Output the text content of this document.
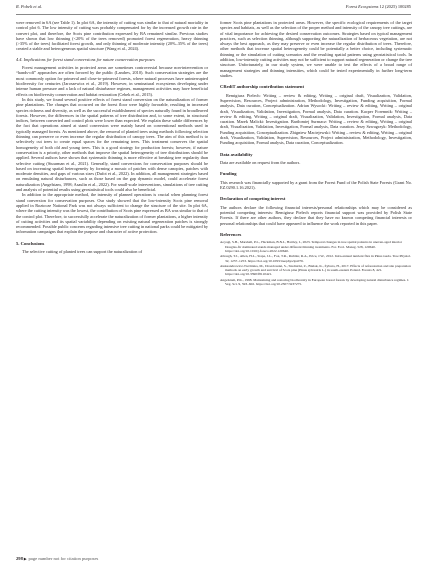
R. Pobelt et al.	Forest Ecosystems 12 (2025) 100285

were removed in 6A (see Table 1). In plot 6A, the intensity of cutting was similar to that of natural mortality in control plot 6. The low intensity of cutting was probably compensated for by the increased growth rate in the convert plot, and therefore, the Scots pine contribution expressed by BA remained similar. Previous studies have shown that low thinning (<20% of the trees removed) promoted forest regeneration, heavy thinning (>35% of the trees) facilitated forest growth, and only thinning of moderate intensity (20%–35% of the trees) created a stable and heterogeneous spatial structure (Wang et al., 2024).

4.4. Implications for forest stand conversions for nature conservation purposes

Forest management activities in protected areas are sometimes controversial because non-intervention or “hands-off” approaches are often favored by the public (Landres, 2010). Such conservation strategies are the most commonly option for primeval and close-to-primeval forests, where natural processes have uninterrupted biodiversity for centuries (Jaroszewicz et al., 2019). However, in seminatural ecosystems developing under intense human pressure and a lack of natural disturbance regimes, management activities may have beneficial effects on biodiversity conservation and habitat restoration (Cebek et al., 2015).

In this study, we found several positive effects of forest stand conversion on the naturalization of former pine plantations. The changes that occurred on the forest floor were highly favorable, resulting in increased species richness and diversity, as well as the successful establishment of species naturally found in broadleaved forests. However, the differences in the spatial patterns of tree distribution and, to some extent, in structural indices, between converted and control plots were lower than expected. We explain these subtle differences by the fact that operations aimed at stand conversion were mainly based on conventional methods used in typically managed forests. As mentioned above, the removal of planted trees using methods following selection thinning can preserve or even increase the regular distribution of canopy trees. The aim of this method is to selectively cut trees to create equal spaces for the remaining trees. This treatment conserves the spatial homogeneity of both old and young trees. This is a good strategy for production forests; however, if nature conservation is a priority, other methods that improve the spatial heterogeneity of tree distributions should be applied. Several authors have shown that systematic thinning is more effective at breaking tree regularity than selective cutting (Stuurman et al., 2021). Generally, stand conversions for conservation purposes should be based on increasing spatial heterogeneity by forming a mosaic of patches with dense canopies, patches with moderate densities, and gaps of various sizes (Dufot et al., 2022). In addition, all management strategies based on emulating natural disturbances, such as those based on the gap dynamic model, could accelerate forest naturalization (Angelstam, 1998; Asaulin et al., 2022). For small-scale interventions, simulations of tree cutting and analysis of potential results using geostatistical tools could also be beneficial.

In addition to the appropriate method, the intensity of planned operations is crucial when planning forest stand conversion for conservation purposes. Our study showed that the low-intensity Scots pine removal applied in Roztocze National Park was not always sufficient to change the structure of the site. In plot 6A, where the cutting intensity was the lowest, the contribution of Scots pine expressed as BA was similar to that of the control plot. Therefore, to successfully accelerate the naturalization of former plantations, a higher intensity of cutting activities and its spatial variability depending on existing natural regeneration patches is strongly recommended. Possible public concerns regarding intensive tree cutting in national parks could be mitigated by information campaigns that explain the purpose and character of active protection.

5. Conclusions

The selective cutting of planted trees can support the naturalization of

former Scots pine plantations in protected areas. However, the specific ecological requirements of the target species and habitats, as well as the selection of the proper method and intensity of the canopy tree cuttings, are of vital importance for achieving the desired conservation outcomes. Strategies based on typical management practices, such as selection thinning, although supporting the naturalization of herbaceous vegetation, are not always the best approach, as they may preserve or even increase the regular distribution of trees. Therefore, other methods that increase spatial heterogeneity could be potentially a better choice, including systematic thinning or the simulation of cutting scenarios and the resulting spatial patterns using geostatistical tools. In addition, low-intensity cutting activities may not be sufficient to support natural regeneration or change the tree structure. Unfortunately, in our study system, we were unable to test the effects of a broad range of management strategies and thinning intensities, which could be tested experimentally in further long-term studies.

CRediT authorship contribution statement

Remigiusz Pielech: Writing – review & editing, Writing – original draft, Visualization, Validation, Supervision, Resources, Project administration, Methodology, Investigation, Funding acquisition, Formal analysis, Data curation, Conceptualization. Adrian Wysocki: Writing – review & editing, Writing – original draft, Visualization, Validation, Investigation, Formal analysis, Data curation. Kacper Foremnik: Writing – review & editing, Writing – original draft, Visualization, Validation, Investigation, Formal analysis, Data curation. Marek Malicki: Investigation. Bartłomiej Surmacz: Writing – review & editing, Writing – original draft, Visualization, Validation, Investigation, Formal analysis, Data curation. Jerzy Szwagrzyk: Methodology, Funding acquisition, Conceptualization. Zbigniew Maciejewski: Writing – review & editing, Writing – original draft, Visualization, Validation, Supervision, Resources, Project administration, Methodology, Investigation, Funding acquisition, Formal analysis, Data curation, Conceptualization.

Data availability

Data are available on request from the authors.

Funding

This research was financially supported by a grant from the Forest Fund of the Polish State Forests (Grant No. EZ.0290.1.16.2021).

Declaration of competing interest

The authors declare the following financial interests/personal relationships which may be considered as potential competing interests: Remigiusz Pielech reports financial support was provided by Polish State Forests. If there are other authors, they declare that they have no known competing financial interests or personal relationships that could have appeared to influence the work reported in this paper.

References
Aoyagi, S.B., Marshall, P.L., Hackman, B.N.I., Hartley, I., 2023. Temporal changes in tree spatial patterns in uneven-aged interior Douglas-fir dominated stands managed under different thinning treatments. For. Ecol. Manag. 528, 120640. https://doi.org/10.1016/j.foreco.2022.120640.
Allough, T.J., Allen, H.L., Stape, J.L., Fox, T.R., Rubilar, R.A., Price, J.W., 2012. Intra-annual nutrient flux in Pinus taeda. Tree Physiol. 32, 1237–1253. https://doi.org/10.1093/treephys/tps076.
Aleksandrowicz-Trzcińska, M., Drozdowski, S., Studnicki, Z., Bielak, K., Żybura, H., 2017. Effects of reforestation and site preparation methods on early growth and survival of Scots pine (Pinus sylvestris L.) in south-eastern Poland. Forests 8, 421. https://doi.org/10.3390/f8110421.
Angelstam, P.K., 1998. Maintaining and restoring biodiversity in European boreal forests by developing natural disturbance regimes. J. Veg. Sci. 9, 593–602. https://doi.org/10.2307/3237275.
298 ▶	page number not for citation purposes
